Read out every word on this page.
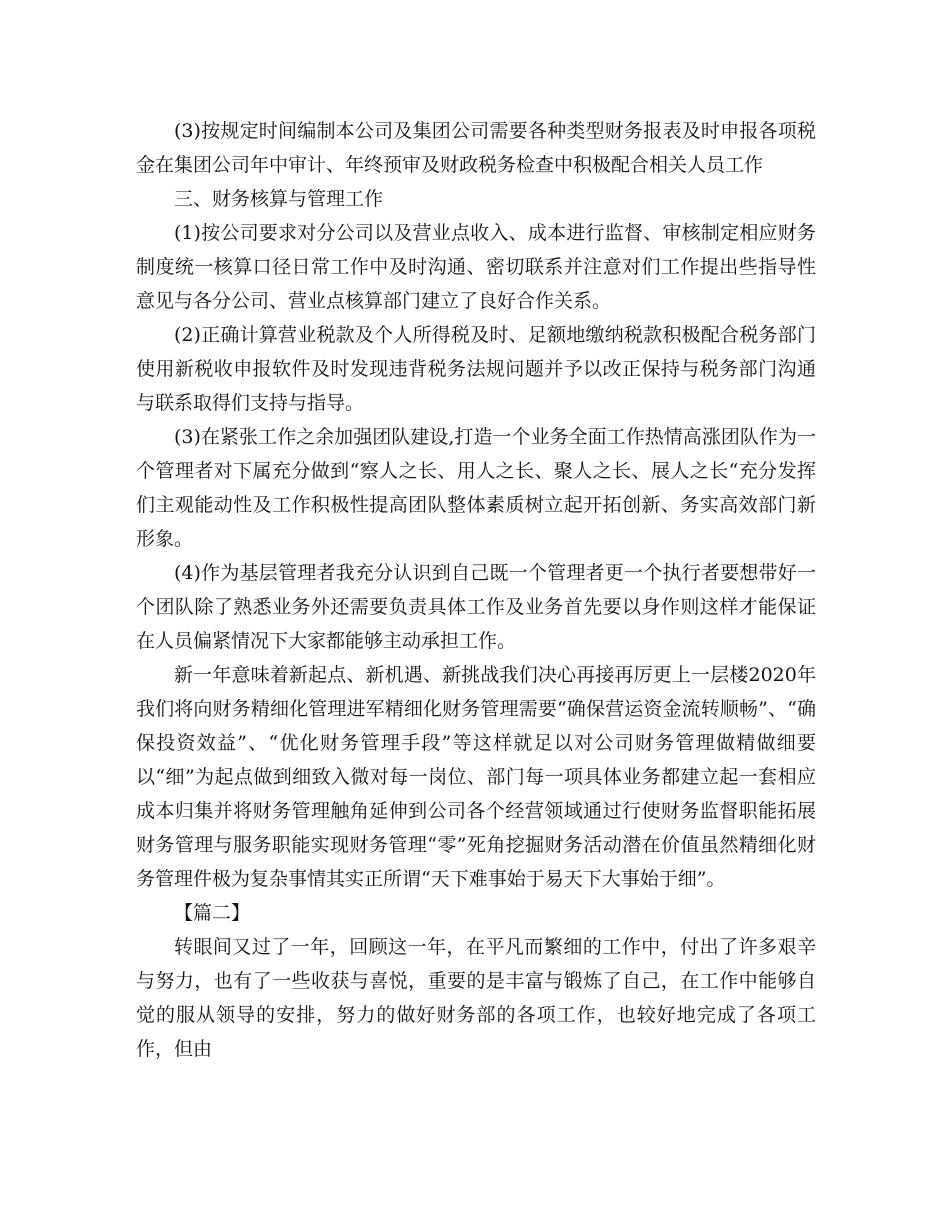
(3)按规定时间编制本公司及集团公司需要各种类型财务报表及时申报各项税金在集团公司年中审计、年终预审及财政税务检查中积极配合相关人员工作

三、财务核算与管理工作

(1)按公司要求对分公司以及营业点收入、成本进行监督、审核制定相应财务制度统一核算口径日常工作中及时沟通、密切联系并注意对们工作提出些指导性意见与各分公司、营业点核算部门建立了良好合作关系。

(2)正确计算营业税款及个人所得税及时、足额地缴纳税款积极配合税务部门使用新税收申报软件及时发现违背税务法规问题并予以改正保持与税务部门沟通与联系取得们支持与指导。

(3)在紧张工作之余加强团队建设,打造一个业务全面工作热情高涨团队作为一个管理者对下属充分做到“察人之长、用人之长、聚人之长、展人之长“充分发挥们主观能动性及工作积极性提高团队整体素质树立起开拓创新、务实高效部门新形象。

(4)作为基层管理者我充分认识到自己既一个管理者更一个执行者要想带好一个团队除了熟悉业务外还需要负责具体工作及业务首先要以身作则这样才能保证在人员偏紧情况下大家都能够主动承担工作。

新一年意味着新起点、新机遇、新挑战我们决心再接再厉更上一层楼2020年我们将向财务精细化管理进军精细化财务管理需要“确保营运资金流转顺畅”、“确保投资效益”、“优化财务管理手段”等这样就足以对公司财务管理做精做细要以“细”为起点做到细致入微对每一岗位、部门每一项具体业务都建立起一套相应成本归集并将财务管理触角延伸到公司各个经营领域通过行使财务监督职能拓展财务管理与服务职能实现财务管理“零”死角挖掘财务活动潜在价值虽然精细化财务管理件极为复杂事情其实正所谓“天下难事始于易天下大事始于细”。

【篇二】

转眼间又过了一年，回顾这一年，在平凡而繁细的工作中，付出了许多艰辛与努力，也有了一些收获与喜悦，重要的是丰富与锻炼了自己，在工作中能够自觉的服从领导的安排，努力的做好财务部的各项工作，也较好地完成了各项工作，但由
